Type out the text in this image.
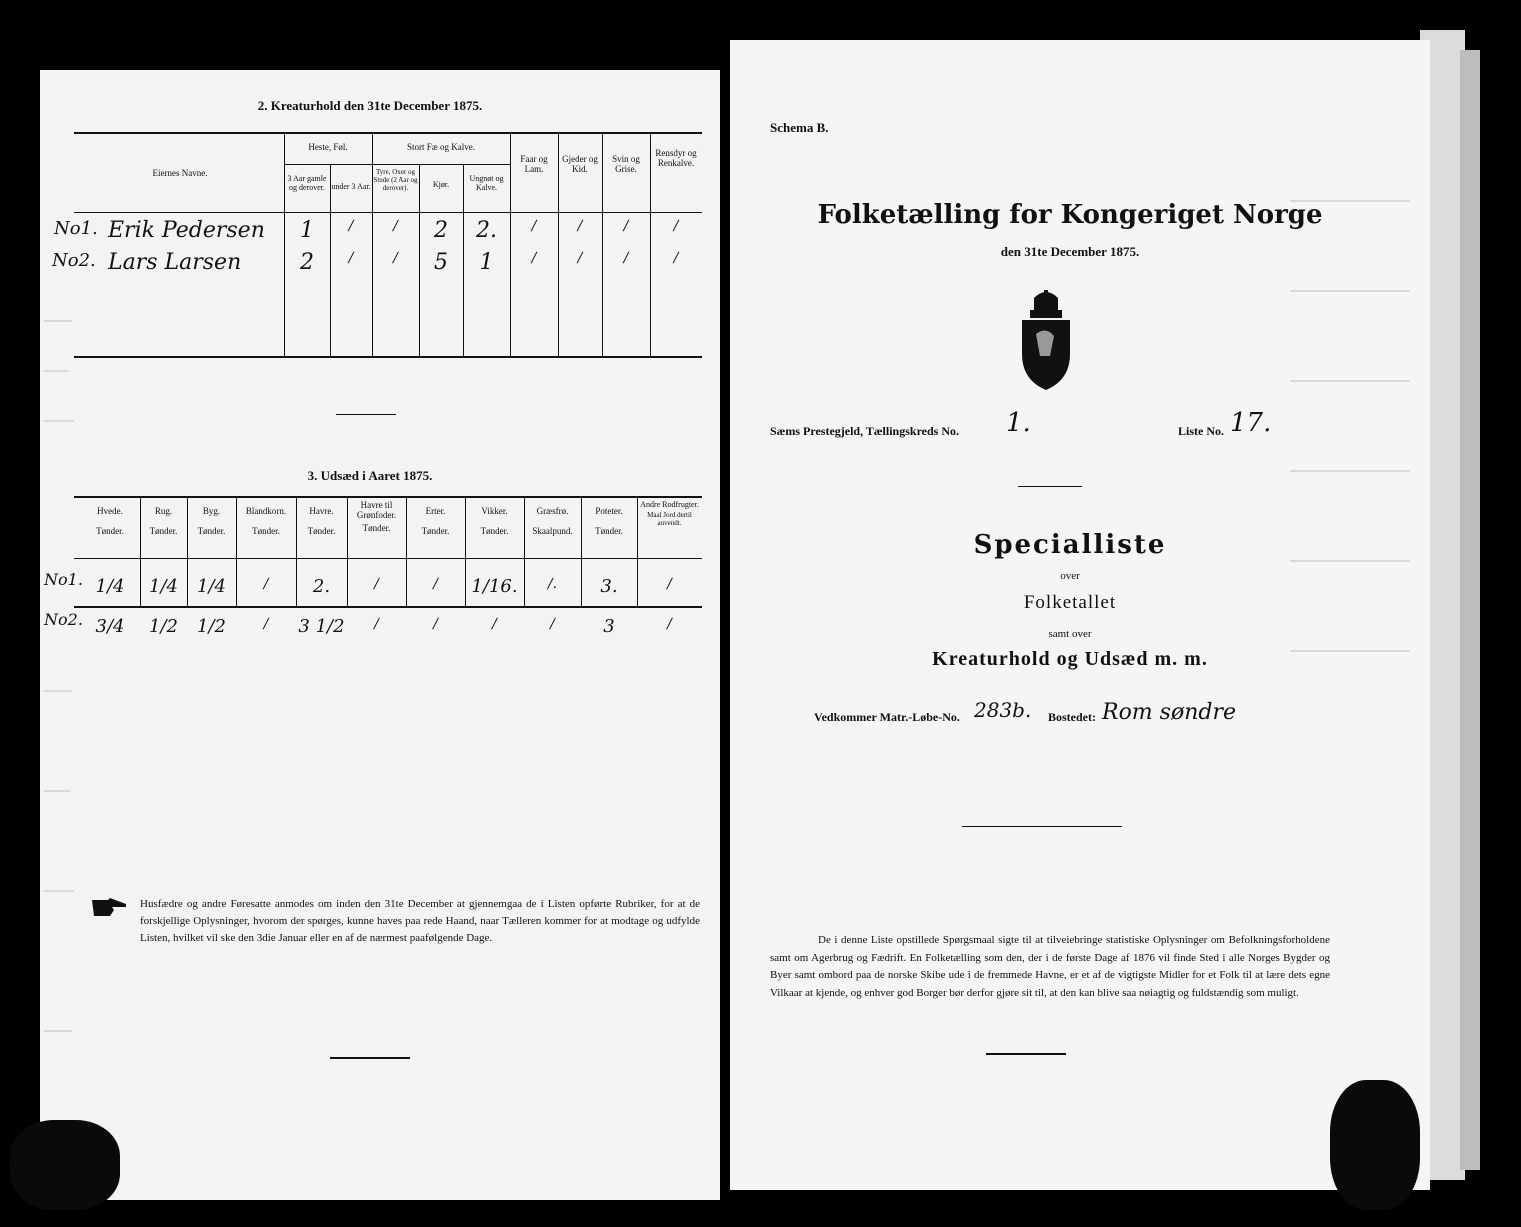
2. Kreaturhold den 31te December 1875.
Eiernes Navne.
Heste, Føl.
3 Aar gamle og derover. under 3 Aar.
Stort Fæ og Kalve.
Tyre, Oxer og Stude (2 Aar og derover).	Kjør.
Ungnøt og Kalve.
Faar og Lam.
Gjeder og Kid.
Svin og Grise.
Rensdyr og Renkalve.
No1. Erik Pedersen	1	∕	∕	2	2.	∕	∕	∕	∕
No2. Lars Larsen	2	∕	∕	5	1	∕	∕	∕	∕
3. Udsæd i Aaret 1875.
Hvede.
Tønder.
Rug.
Tønder.
Byg.
Tønder.
Blandkorn.
Tønder.
Havre.
Tønder.
Havre til Grønfoder.
Tønder.
Erter.
Tønder.
Vikker.
Tønder.
Græsfrø.
Skaalpund.
Poteter.
Tønder.
Andre Rodfrugter.
Maal Jord dertil anvendt.
No1. 1/4	1/4	1/4	∕	2.	∕	∕	1/16.	∕.	3.	∕
No2. 3/4	1/2	1/2	∕	3 1/2	∕	∕	∕	∕	3	∕
Husfædre og andre Føresatte anmodes om inden den 31te December at gjennemgaa de i Listen opførte Rubriker, for at de forskjellige Oplysninger, hvorom der spørges, kunne haves paa rede Haand, naar Tælleren kommer for at modtage og udfylde Listen, hvilket vil ske den 3die Januar eller en af de nærmest paafølgende Dage.
Schema B.
Folketælling for Kongeriget Norge
den 31te December 1875.
Sæms Prestegjeld, Tællingskreds No. 1.	Liste No. 17.
Specialliste
over
Folketallet
samt over
Kreaturhold og Udsæd m. m.
Vedkommer Matr.-Løbe-No. 283b. Bostedet: Rom søndre
De i denne Liste opstillede Spørgsmaal sigte til at tilveiebringe statistiske Oplysninger om Befolkningsforholdene samt om Agerbrug og Fædrift. En Folketælling som den, der i de første Dage af 1876 vil finde Sted i alle Norges Bygder og Byer samt ombord paa de norske Skibe ude i de fremmede Havne, er et af de vigtigste Midler for et Folk til at lære dets egne Vilkaar at kjende, og enhver god Borger bør derfor gjøre sit til, at den kan blive saa nøiagtig og fuldstændig som muligt.
